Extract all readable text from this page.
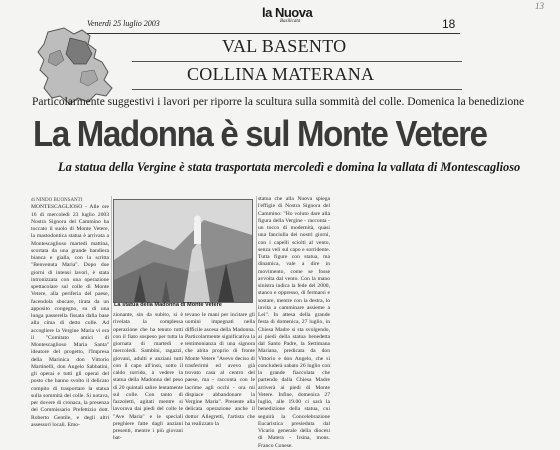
13
Venerdì 25 luglio 2003
la Nuova
Basilicata	18
VAL BASENTO
COLLINA MATERANA
Particolarmente suggestivi i lavori per riporre la scultura sulla sommità del colle. Domenica la benedizione
La Madonna è sul Monte Vetere
La statua della Vergine è stata trasportata mercoledì e domina la vallata di Montescaglioso
di NINDO BUONSANTI

MONTESCAGLIOSO - Alle ore 16 di mercoledì 23 luglio 2003 Nostra Signora del Cammino ha toccato il suolo di Monte Vetere, la mastodontica statua è arrivata a Montescaglioso martedì mattina, scortata da una grande bandiera bianca e gialla, con la scritta "Benvenuta Maria". Dopo due giorni di intensi lavori, è stata intronizzata con una operazione spettacolare sul colle di Monte Vetere, alla periferia del paese, facendola sbucare, tirata da un apposito congegno, su di una lunga passerella fissata dalla base alla cima di detto colle. Ad accogliere la Vergine Maria vi era il "Comitato amici di Montescaglioso Maria Santa" ideatore del progetto, l'Impresa della Marinica don Vittorio Martinelli, don Angelo Sabbatini, gli operai e tutti gli operai del posto che hanno svolto il delicato compito di trasportare la statua sulla sommità del colle. Si notava, per dovere di cronaca, la presenza del Commissario Prefettizio dott. Roberto Gentile, e degli altri assessori locali. Emo-

La statua della Madonna di Monte Vetere

zionante, sin da subito, si è rivelata la complessa operazione che ha tenuto tutti con il fiato sospeso per tutta la giornata di martedì e mercoledì. Sambini, ragazzi, giovani, adulti e anziani tutti con il capo all'insù, sotto il caldo torrido, a vedere la statua della Madonna del peso di 20 quintali salire lentamente sul colle. Con tanto di fazzoletti, agitati mentre si lavorava dai piedi del colle le "Ave Maria" e le speciali preghiere fatte dagli anziani presenti, mentre i più giovani bat-

tevano le mani per incitare gli uomini impegnati nella difficile ascesa della Madonna. Particolarmente significativa la testimonianza di una signora che abita proprio di fronte Monte Vetere "Avevo deciso di trasferirmi ed avevo già trovato casa al centro del paese, ma - racconta con le lacrime agli occhi - ora mi dispiace abbandonare la Vergine Maria". Presente alla delicata operazione anche il dottor Allegretti, l'artista che ha realizzato la

statua che alla Nuova spiega l'effigie di Nostra Signora del Cammino: "Ho voluto dare alla figura della Vergine - racconta - un tocco di modernità, quasi una fanciulla dei nostri giorni, con i capelli sciolti al vento, senza veli sul capo e sorridente. Tutta figure con statua, ma dinamica, vale a dire in movimento, come se fosse avvolta dal vento. Con la mano sinistra indica la fede del 2000, stanco e oppresso, di fermarsi e sostare, mentre con la destra, lo invita a camminare assieme a Lei". In attesa della grande festa di domenica, 27 luglio, in Chiesa Madre si sta svolgendo, ai piedi della statua benedetta dal Santo Padre, la Settimana Mariana, predicata da don Vittorio e don Angelo, che si concluderà sabato 26 luglio con la grande fiaccolata che partendo dalla Chiesa Madre arriverà ai piedi di Monte Vetere. Infine, domenica 27 luglio, alle 19.00 ci sarà la benedizione della statua, cui seguirà la Concelebrazione Eucaristica presieduta dal Vicario generale della diocesi di Matera - Irsina, mons. Franco Conese.
